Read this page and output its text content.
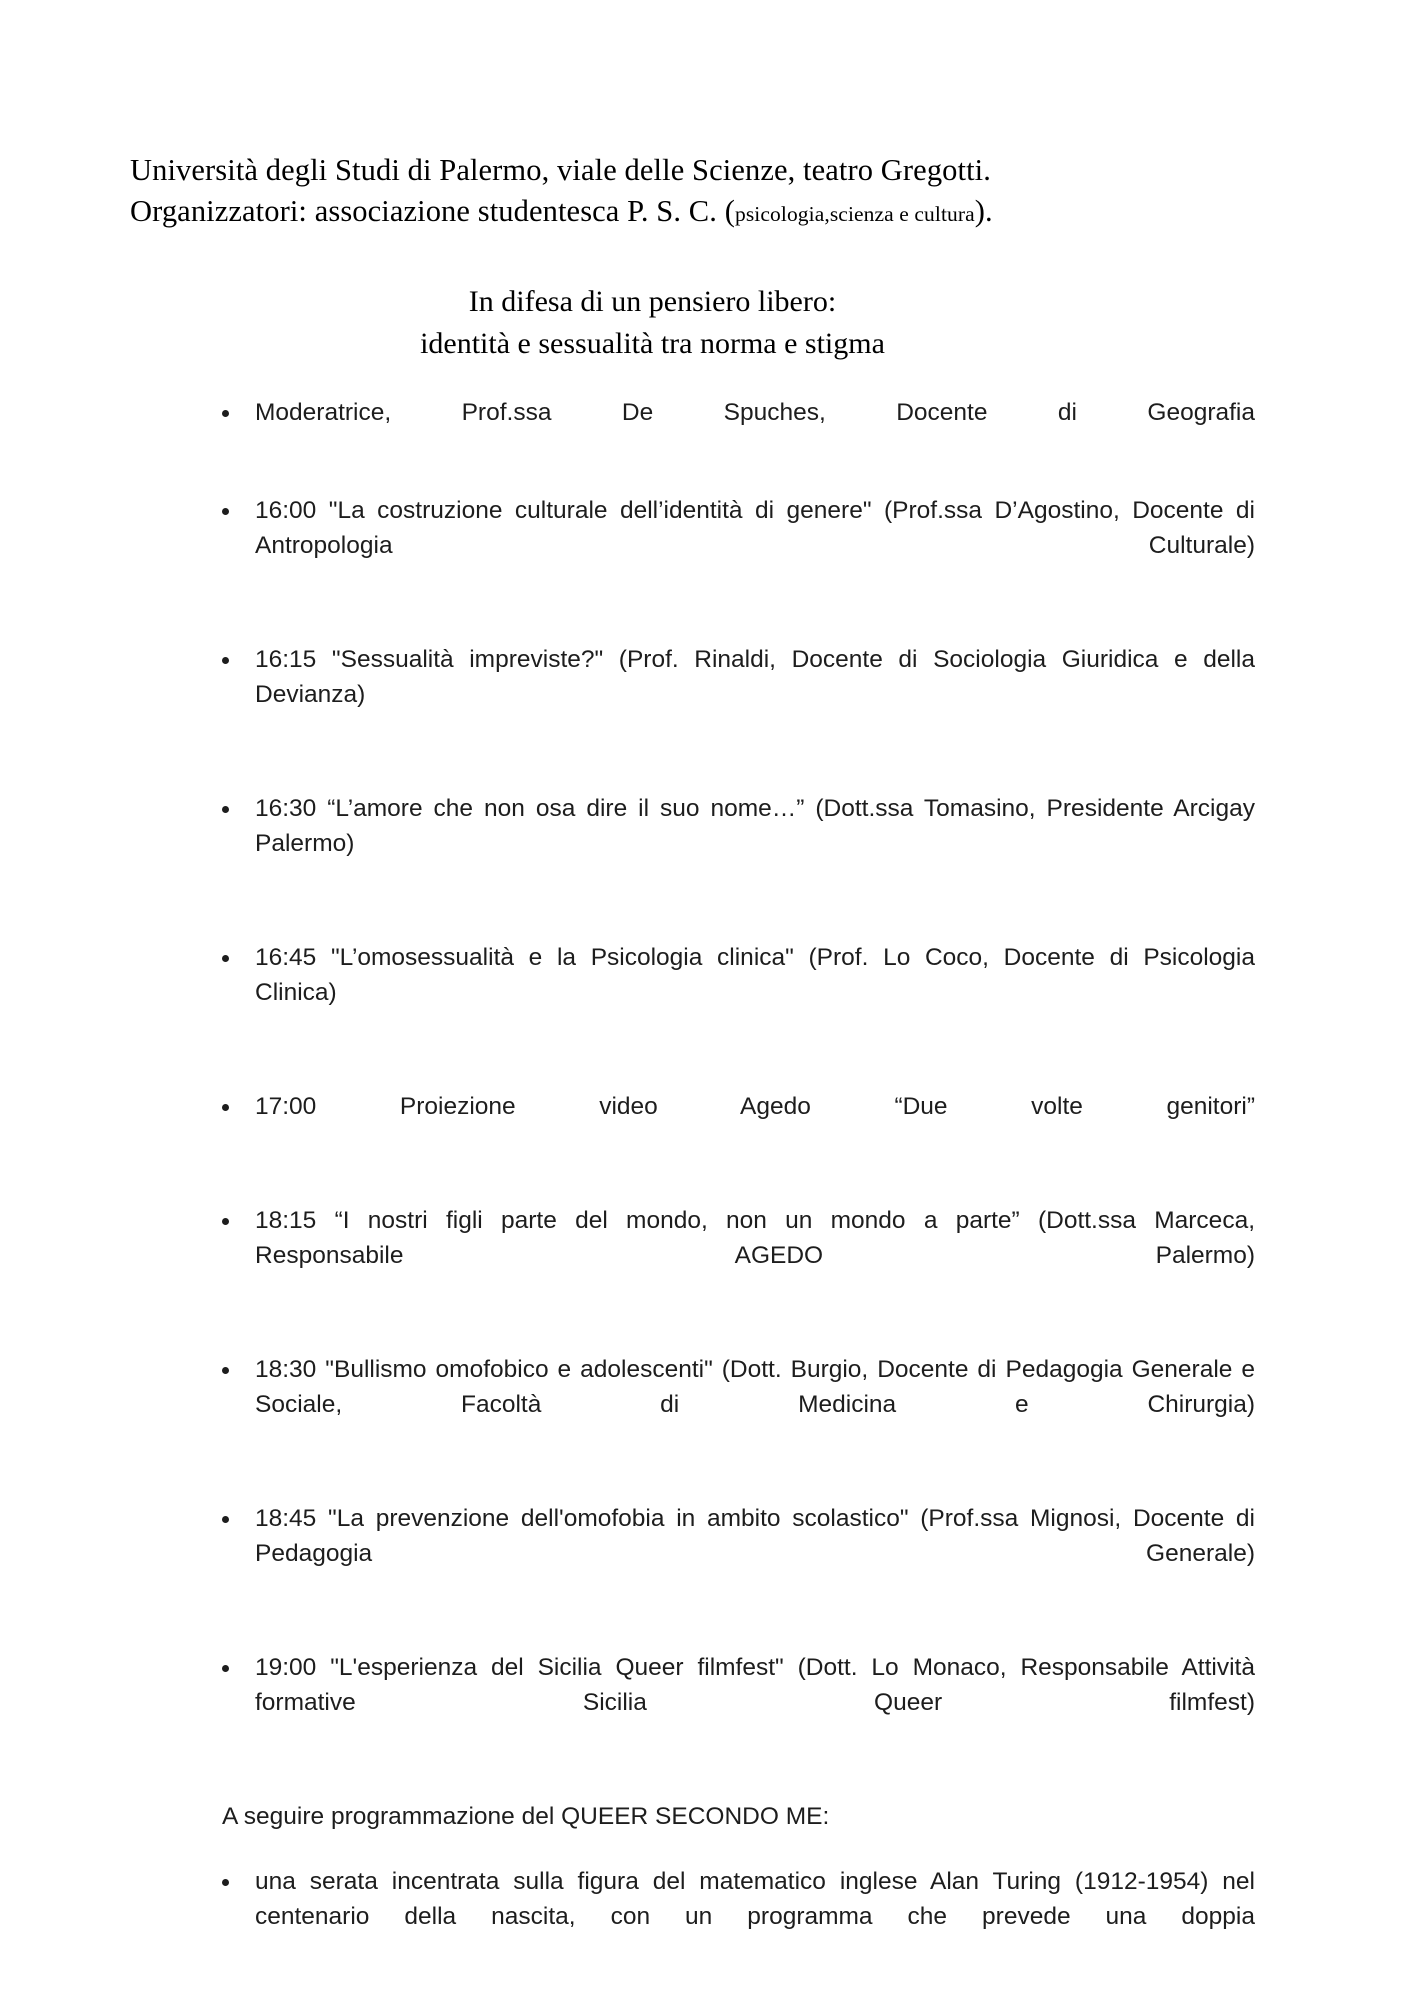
Università degli Studi di Palermo, viale delle Scienze, teatro Gregotti.
Organizzatori: associazione studentesca P. S. C. (psicologia,scienza e cultura).
In difesa di un pensiero libero:
identità e sessualità tra norma e stigma
Moderatrice, Prof.ssa De Spuches, Docente di Geografia
16:00 "La costruzione culturale dell’identità di genere" (Prof.ssa D’Agostino, Docente di Antropologia Culturale)
16:15 "Sessualità impreviste?" (Prof. Rinaldi, Docente di Sociologia Giuridica e della Devianza)
16:30 “L’amore che non osa dire il suo nome…” (Dott.ssa Tomasino, Presidente Arcigay Palermo)
16:45 "L’omosessualità e la Psicologia clinica" (Prof. Lo Coco, Docente di Psicologia Clinica)
17:00 Proiezione video Agedo “Due volte genitori”
18:15 “I nostri figli parte del mondo, non un mondo a parte” (Dott.ssa Marceca, Responsabile AGEDO Palermo)
18:30 "Bullismo omofobico e adolescenti" (Dott. Burgio, Docente di Pedagogia Generale e Sociale, Facoltà di Medicina e Chirurgia)
18:45 "La prevenzione dell'omofobia in ambito scolastico" (Prof.ssa Mignosi, Docente di Pedagogia Generale)
19:00 "L'esperienza del Sicilia Queer filmfest" (Dott. Lo Monaco, Responsabile Attività formative Sicilia Queer filmfest)
A seguire programmazione del QUEER SECONDO ME:
una serata incentrata sulla figura del matematico inglese Alan Turing (1912-1954) nel centenario della nascita, con un programma che prevede una doppia
